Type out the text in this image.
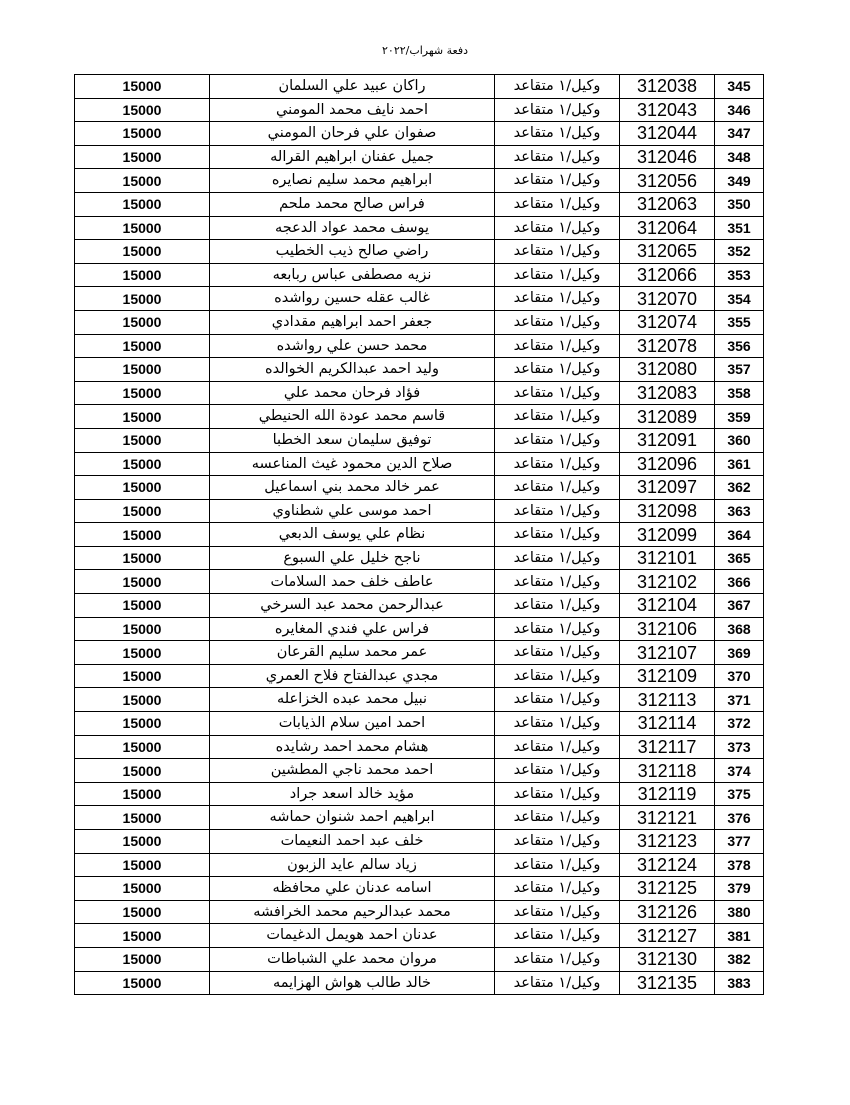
دفعة شهراب/٢٠٢٢
15000	راكان عبيد علي السلمان	وكيل/١ متقاعد	312038	345
15000	احمد نايف محمد المومني	وكيل/١ متقاعد	312043	346
15000	صفوان علي فرحان المومني	وكيل/١ متقاعد	312044	347
15000	جميل عفنان ابراهيم القراله	وكيل/١ متقاعد	312046	348
15000	ابراهيم محمد سليم نصايره	وكيل/١ متقاعد	312056	349
15000	فراس صالح محمد ملحم	وكيل/١ متقاعد	312063	350
15000	يوسف محمد عواد الدعجه	وكيل/١ متقاعد	312064	351
15000	راضي صالح ذيب الخطيب	وكيل/١ متقاعد	312065	352
15000	نزيه مصطفى عباس ربابعه	وكيل/١ متقاعد	312066	353
15000	غالب عقله حسين رواشده	وكيل/١ متقاعد	312070	354
15000	جعفر احمد ابراهيم مقدادي	وكيل/١ متقاعد	312074	355
15000	محمد حسن علي رواشده	وكيل/١ متقاعد	312078	356
15000	وليد احمد عبدالكريم الخوالده	وكيل/١ متقاعد	312080	357
15000	فؤاد فرحان محمد علي	وكيل/١ متقاعد	312083	358
15000	قاسم محمد عودة الله الحنيطي	وكيل/١ متقاعد	312089	359
15000	توفيق سليمان سعد الخطبا	وكيل/١ متقاعد	312091	360
15000	صلاح الدين محمود غيث المناعسه	وكيل/١ متقاعد	312096	361
15000	عمر خالد محمد بني اسماعيل	وكيل/١ متقاعد	312097	362
15000	احمد موسى علي شطناوي	وكيل/١ متقاعد	312098	363
15000	نظام علي يوسف الدبعي	وكيل/١ متقاعد	312099	364
15000	ناجح خليل علي السبوع	وكيل/١ متقاعد	312101	365
15000	عاطف خلف حمد السلامات	وكيل/١ متقاعد	312102	366
15000	عبدالرحمن محمد عبد السرخي	وكيل/١ متقاعد	312104	367
15000	فراس علي فندي المغايره	وكيل/١ متقاعد	312106	368
15000	عمر محمد سليم القرعان	وكيل/١ متقاعد	312107	369
15000	مجدي عبدالفتاح فلاح العمري	وكيل/١ متقاعد	312109	370
15000	نبيل محمد عبده الخزاعله	وكيل/١ متقاعد	312113	371
15000	احمد امين سلام الذيابات	وكيل/١ متقاعد	312114	372
15000	هشام محمد احمد رشايده	وكيل/١ متقاعد	312117	373
15000	احمد محمد ناجي المطشين	وكيل/١ متقاعد	312118	374
15000	مؤيد خالد اسعد جراد	وكيل/١ متقاعد	312119	375
15000	ابراهيم احمد شنوان حماشه	وكيل/١ متقاعد	312121	376
15000	خلف عبد احمد النعيمات	وكيل/١ متقاعد	312123	377
15000	زياد سالم عايد الزبون	وكيل/١ متقاعد	312124	378
15000	اسامه عدنان علي محافظه	وكيل/١ متقاعد	312125	379
15000	محمد عبدالرحيم محمد الخرافشه	وكيل/١ متقاعد	312126	380
15000	عدنان احمد هويمل الدغيمات	وكيل/١ متقاعد	312127	381
15000	مروان محمد علي الشباطات	وكيل/١ متقاعد	312130	382
15000	خالد طالب هواش الهزايمه	وكيل/١ متقاعد	312135	383
